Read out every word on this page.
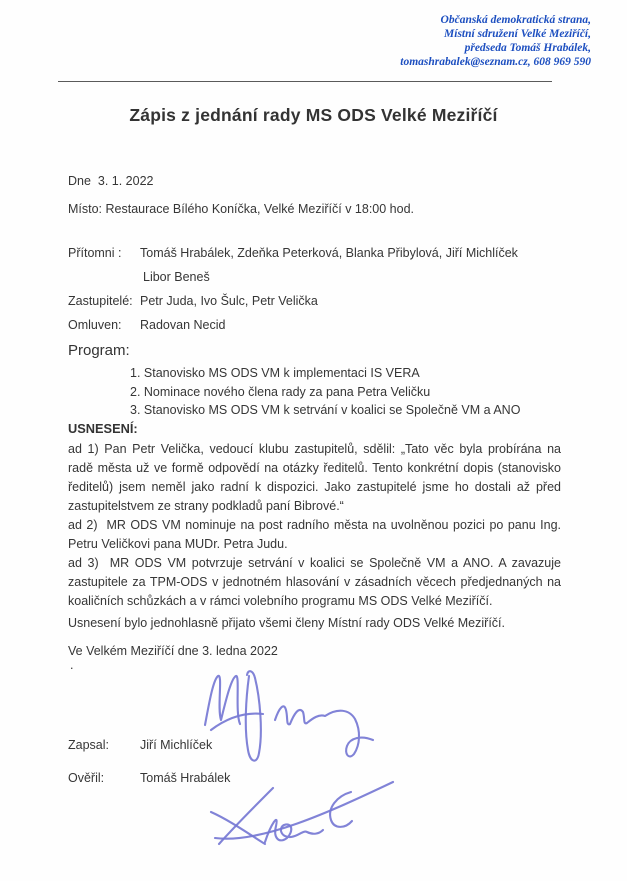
Občanská demokratická strana,
Místní sdružení Velké Meziříčí,
předseda Tomáš Hrabálek,
tomashrabalek@seznam.cz, 608 969 590
Zápis z jednání rady MS ODS Velké Meziříčí
Dne  3. 1. 2022
Místo: Restaurace Bílého Koníčka, Velké Meziříčí v 18:00 hod.
Přítomni :	Tomáš Hrabálek, Zdeňka Peterková, Blanka Přibylová, Jiří Michlíček
Libor Beneš
Zastupitelé: Petr Juda, Ivo Šulc, Petr Velička
Omluven:	Radovan Necid
Program:
1. Stanovisko MS ODS VM k implementaci IS VERA
2. Nominace nového člena rady za pana Petra Veličku
3. Stanovisko MS ODS VM k setrvání v koalici se Společně VM a ANO
USNESENÍ:

ad 1) Pan Petr Velička, vedoucí klubu zastupitelů, sdělil: „Tato věc byla probírána na radě města už ve formě odpovědí na otázky ředitelů. Tento konkrétní dopis (stanovisko ředitelů) jsem neměl jako radní k dispozici. Jako zastupitelé jsme ho dostali až před zastupitelstvem ze strany podkladů paní Bibrové.“

ad 2)  MR ODS VM nominuje na post radního města na uvolněnou pozici po panu Ing. Petru Veličkovi pana MUDr. Petra Judu.

ad 3)  MR ODS VM potvrzuje setrvání v koalici se Společně VM a ANO. A zavazuje zastupitele za TPM-ODS v jednotném hlasování v zásadních věcech předjednaných na koaličních schůzkách a v rámci volebního programu MS ODS Velké Meziříčí.

Usnesení bylo jednohlasně přijato všemi členy Místní rady ODS Velké Meziříčí.
Ve Velkém Meziříčí dne 3. ledna 2022
.
Zapsal:	Jiří Michlíček
Ověřil:	Tomáš Hrabálek
